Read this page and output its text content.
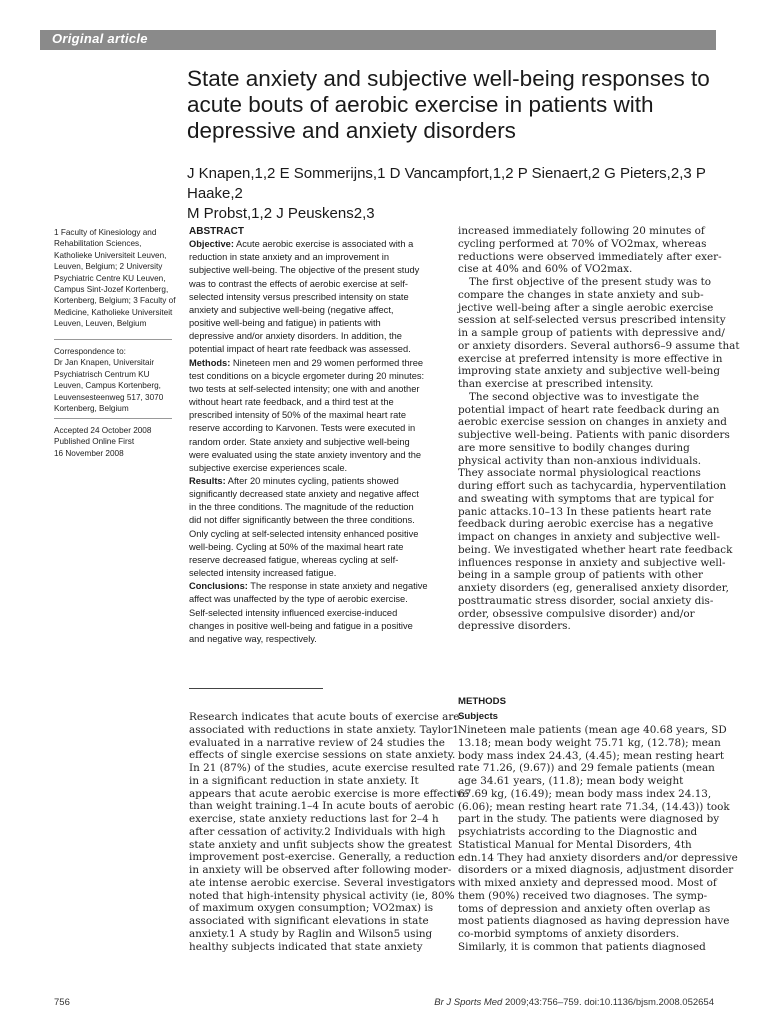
Original article
State anxiety and subjective well-being responses to
acute bouts of aerobic exercise in patients with
depressive and anxiety disorders
J Knapen,1,2 E Sommerijns,1 D Vancampfort,1,2 P Sienaert,2 G Pieters,2,3 P Haake,2
M Probst,1,2 J Peuskens2,3
1 Faculty of Kinesiology and
Rehabilitation Sciences,
Katholieke Universiteit Leuven,
Leuven, Belgium; 2 University
Psychiatric Centre KU Leuven,
Campus Sint-Jozef Kortenberg,
Kortenberg, Belgium; 3 Faculty of
Medicine, Katholieke Universiteit
Leuven, Leuven, Belgium
Correspondence to:
Dr Jan Knapen, Universitair
Psychiatrisch Centrum KU
Leuven, Campus Kortenberg,
Leuvensesteenweg 517, 3070
Kortenberg, Belgium
Accepted 24 October 2008
Published Online First
16 November 2008
ABSTRACT
Objective: Acute aerobic exercise is associated with a
reduction in state anxiety and an improvement in
subjective well-being. The objective of the present study
was to contrast the effects of aerobic exercise at self-
selected intensity versus prescribed intensity on state
anxiety and subjective well-being (negative affect,
positive well-being and fatigue) in patients with
depressive and/or anxiety disorders. In addition, the
potential impact of heart rate feedback was assessed.
Methods: Nineteen men and 29 women performed three
test conditions on a bicycle ergometer during 20 minutes:
two tests at self-selected intensity; one with and another
without heart rate feedback, and a third test at the
prescribed intensity of 50% of the maximal heart rate
reserve according to Karvonen. Tests were executed in
random order. State anxiety and subjective well-being
were evaluated using the state anxiety inventory and the
subjective exercise experiences scale.
Results: After 20 minutes cycling, patients showed
significantly decreased state anxiety and negative affect
in the three conditions. The magnitude of the reduction
did not differ significantly between the three conditions.
Only cycling at self-selected intensity enhanced positive
well-being. Cycling at 50% of the maximal heart rate
reserve decreased fatigue, whereas cycling at self-
selected intensity increased fatigue.
Conclusions: The response in state anxiety and negative
affect was unaffected by the type of aerobic exercise.
Self-selected intensity influenced exercise-induced
changes in positive well-being and fatigue in a positive
and negative way, respectively.
Research indicates that acute bouts of exercise are
associated with reductions in state anxiety. Taylor1
evaluated in a narrative review of 24 studies the
effects of single exercise sessions on state anxiety.
In 21 (87%) of the studies, acute exercise resulted
in a significant reduction in state anxiety. It
appears that acute aerobic exercise is more effective
than weight training.1–4 In acute bouts of aerobic
exercise, state anxiety reductions last for 2–4 h
after cessation of activity.2 Individuals with high
state anxiety and unfit subjects show the greatest
improvement post-exercise. Generally, a reduction
in anxiety will be observed after following moder-
ate intense aerobic exercise. Several investigators
noted that high-intensity physical activity (ie, 80%
of maximum oxygen consumption; VO2max) is
associated with significant elevations in state
anxiety.1 A study by Raglin and Wilson5 using
healthy subjects indicated that state anxiety
increased immediately following 20 minutes of
cycling performed at 70% of VO2max, whereas
reductions were observed immediately after exer-
cise at 40% and 60% of VO2max.
The first objective of the present study was to
compare the changes in state anxiety and sub-
jective well-being after a single aerobic exercise
session at self-selected versus prescribed intensity
in a sample group of patients with depressive and/
or anxiety disorders. Several authors6–9 assume that
exercise at preferred intensity is more effective in
improving state anxiety and subjective well-being
than exercise at prescribed intensity.
The second objective was to investigate the
potential impact of heart rate feedback during an
aerobic exercise session on changes in anxiety and
subjective well-being. Patients with panic disorders
are more sensitive to bodily changes during
physical activity than non-anxious individuals.
They associate normal physiological reactions
during effort such as tachycardia, hyperventilation
and sweating with symptoms that are typical for
panic attacks.10–13 In these patients heart rate
feedback during aerobic exercise has a negative
impact on changes in anxiety and subjective well-
being. We investigated whether heart rate feedback
influences response in anxiety and subjective well-
being in a sample group of patients with other
anxiety disorders (eg, generalised anxiety disorder,
posttraumatic stress disorder, social anxiety dis-
order, obsessive compulsive disorder) and/or
depressive disorders.
METHODS
Subjects
Nineteen male patients (mean age 40.68 years, SD
13.18; mean body weight 75.71 kg, (12.78); mean
body mass index 24.43, (4.45); mean resting heart
rate 71.26, (9.67)) and 29 female patients (mean
age 34.61 years, (11.8); mean body weight
67.69 kg, (16.49); mean body mass index 24.13,
(6.06); mean resting heart rate 71.34, (14.43)) took
part in the study. The patients were diagnosed by
psychiatrists according to the Diagnostic and
Statistical Manual for Mental Disorders, 4th
edn.14 They had anxiety disorders and/or depressive
disorders or a mixed diagnosis, adjustment disorder
with mixed anxiety and depressed mood. Most of
them (90%) received two diagnoses. The symp-
toms of depression and anxiety often overlap as
most patients diagnosed as having depression have
co-morbid symptoms of anxiety disorders.
Similarly, it is common that patients diagnosed
756	Br J Sports Med 2009;43:756–759. doi:10.1136/bjsm.2008.052654
